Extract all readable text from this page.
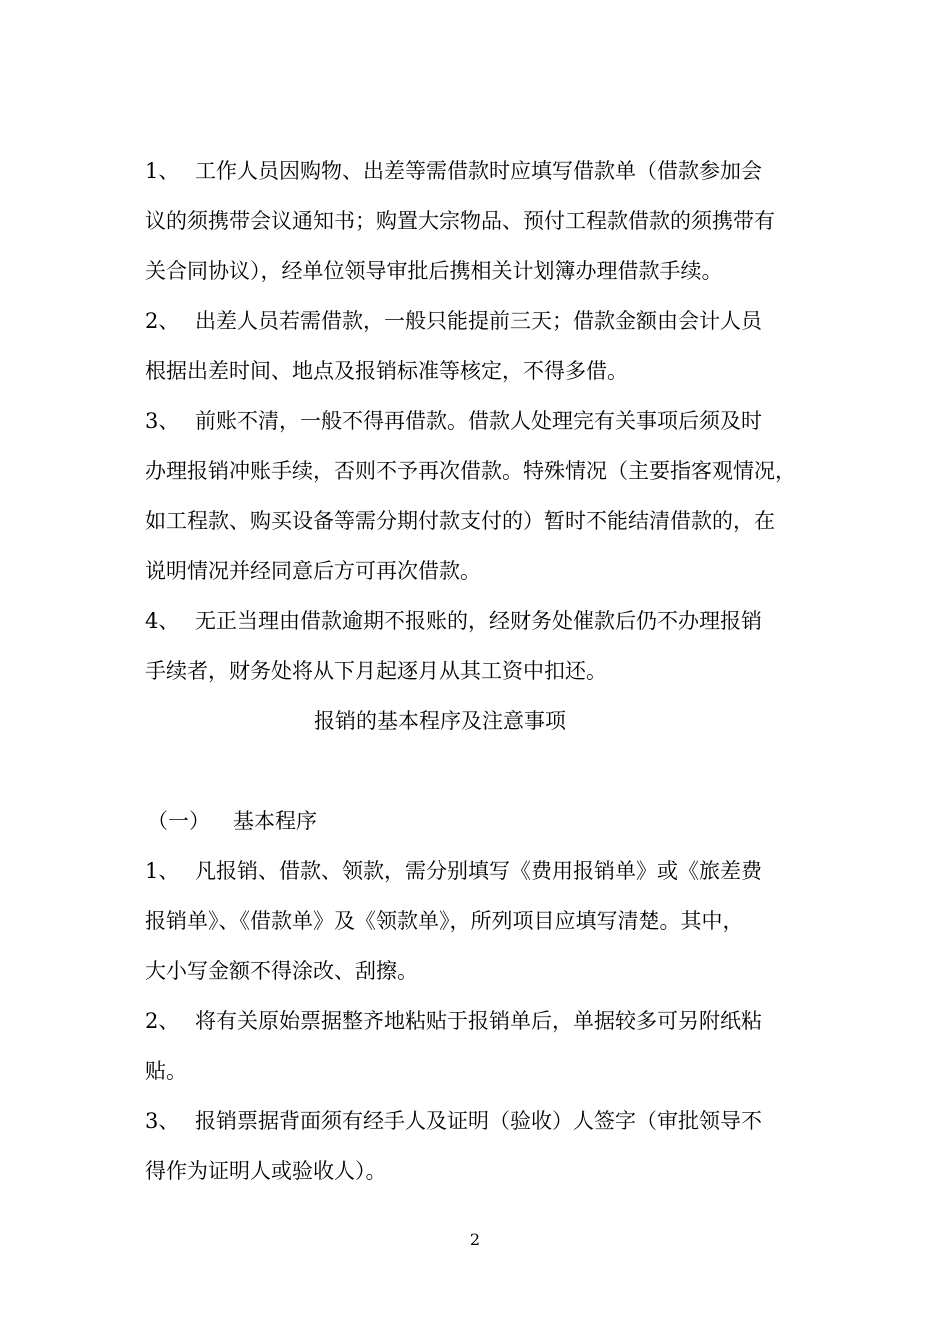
1、 工作人员因购物、出差等需借款时应填写借款单（借款参加会
议的须携带会议通知书；购置大宗物品、预付工程款借款的须携带有
关合同协议），经单位领导审批后携相关计划簿办理借款手续。
2、 出差人员若需借款，一般只能提前三天；借款金额由会计人员
根据出差时间、地点及报销标准等核定，不得多借。
3、 前账不清，一般不得再借款。借款人处理完有关事项后须及时
办理报销冲账手续，否则不予再次借款。特殊情况（主要指客观情况，
如工程款、购买设备等需分期付款支付的）暂时不能结清借款的，在
说明情况并经同意后方可再次借款。
4、 无正当理由借款逾期不报账的，经财务处催款后仍不办理报销
手续者，财务处将从下月起逐月从其工资中扣还。
报销的基本程序及注意事项
（一） 基本程序
1、 凡报销、借款、领款，需分别填写《费用报销单》或《旅差费
报销单》、《借款单》及《领款单》，所列项目应填写清楚。其中，
大小写金额不得涂改、刮擦。
2、 将有关原始票据整齐地粘贴于报销单后，单据较多可另附纸粘
贴。
3、 报销票据背面须有经手人及证明（验收）人签字（审批领导不
得作为证明人或验收人）。
2
